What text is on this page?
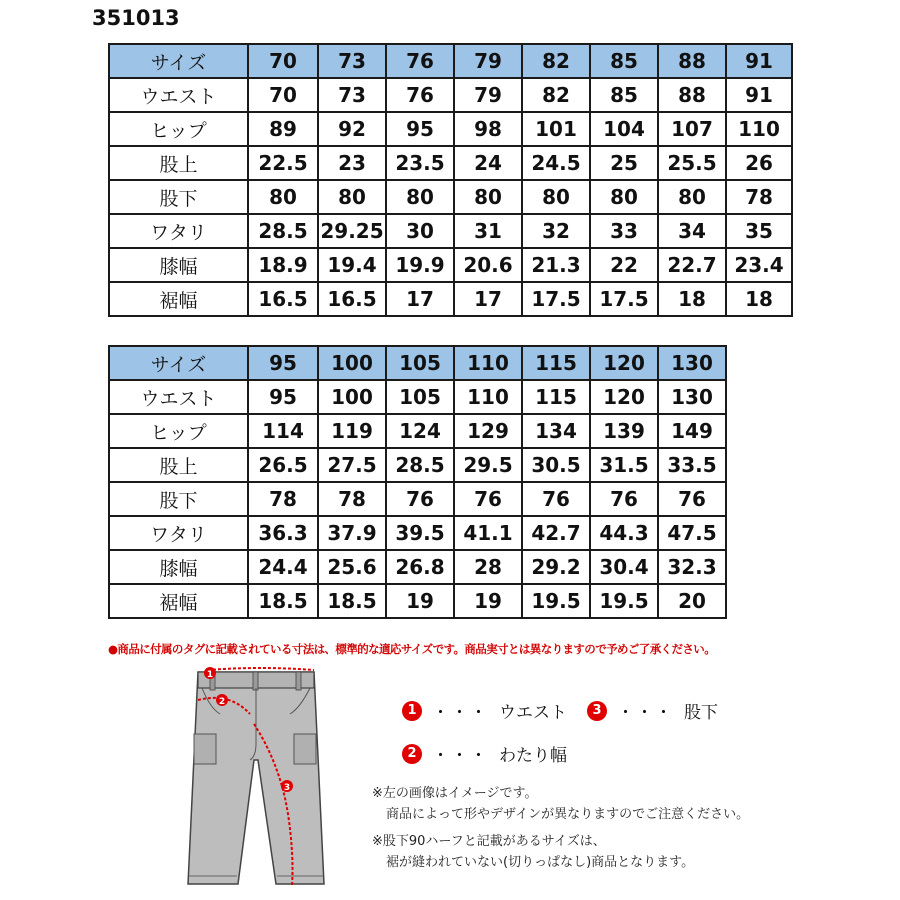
351013
サイズ	70	73	76	79	82	85	88	91
ウエスト	70	73	76	79	82	85	88	91
ヒップ	89	92	95	98	101	104	107	110
股上	22.5	23	23.5	24	24.5	25	25.5	26
股下	80	80	80	80	80	80	80	78
ワタリ	28.5	29.25	30	31	32	33	34	35
膝幅	18.9	19.4	19.9	20.6	21.3	22	22.7	23.4
裾幅	16.5	16.5	17	17	17.5	17.5	18	18
サイズ	95	100	105	110	115	120	130
ウエスト	95	100	105	110	115	120	130
ヒップ	114	119	124	129	134	139	149
股上	26.5	27.5	28.5	29.5	30.5	31.5	33.5
股下	78	78	76	76	76	76	76
ワタリ	36.3	37.9	39.5	41.1	42.7	44.3	47.5
膝幅	24.4	25.6	26.8	28	29.2	30.4	32.3
裾幅	18.5	18.5	19	19	19.5	19.5	20
●商品に付属のタグに記載されている寸法は、標準的な適応サイズです。商品実寸とは異なりますので予めご了承ください。
1
2
3
1 ・・・ ウエスト	3 ・・・ 股下
2 ・・・ わたり幅
※左の画像はイメージです。
商品によって形やデザインが異なりますのでご注意ください。
※股下90ハーフと記載があるサイズは、
裾が縫われていない(切りっぱなし)商品となります。
